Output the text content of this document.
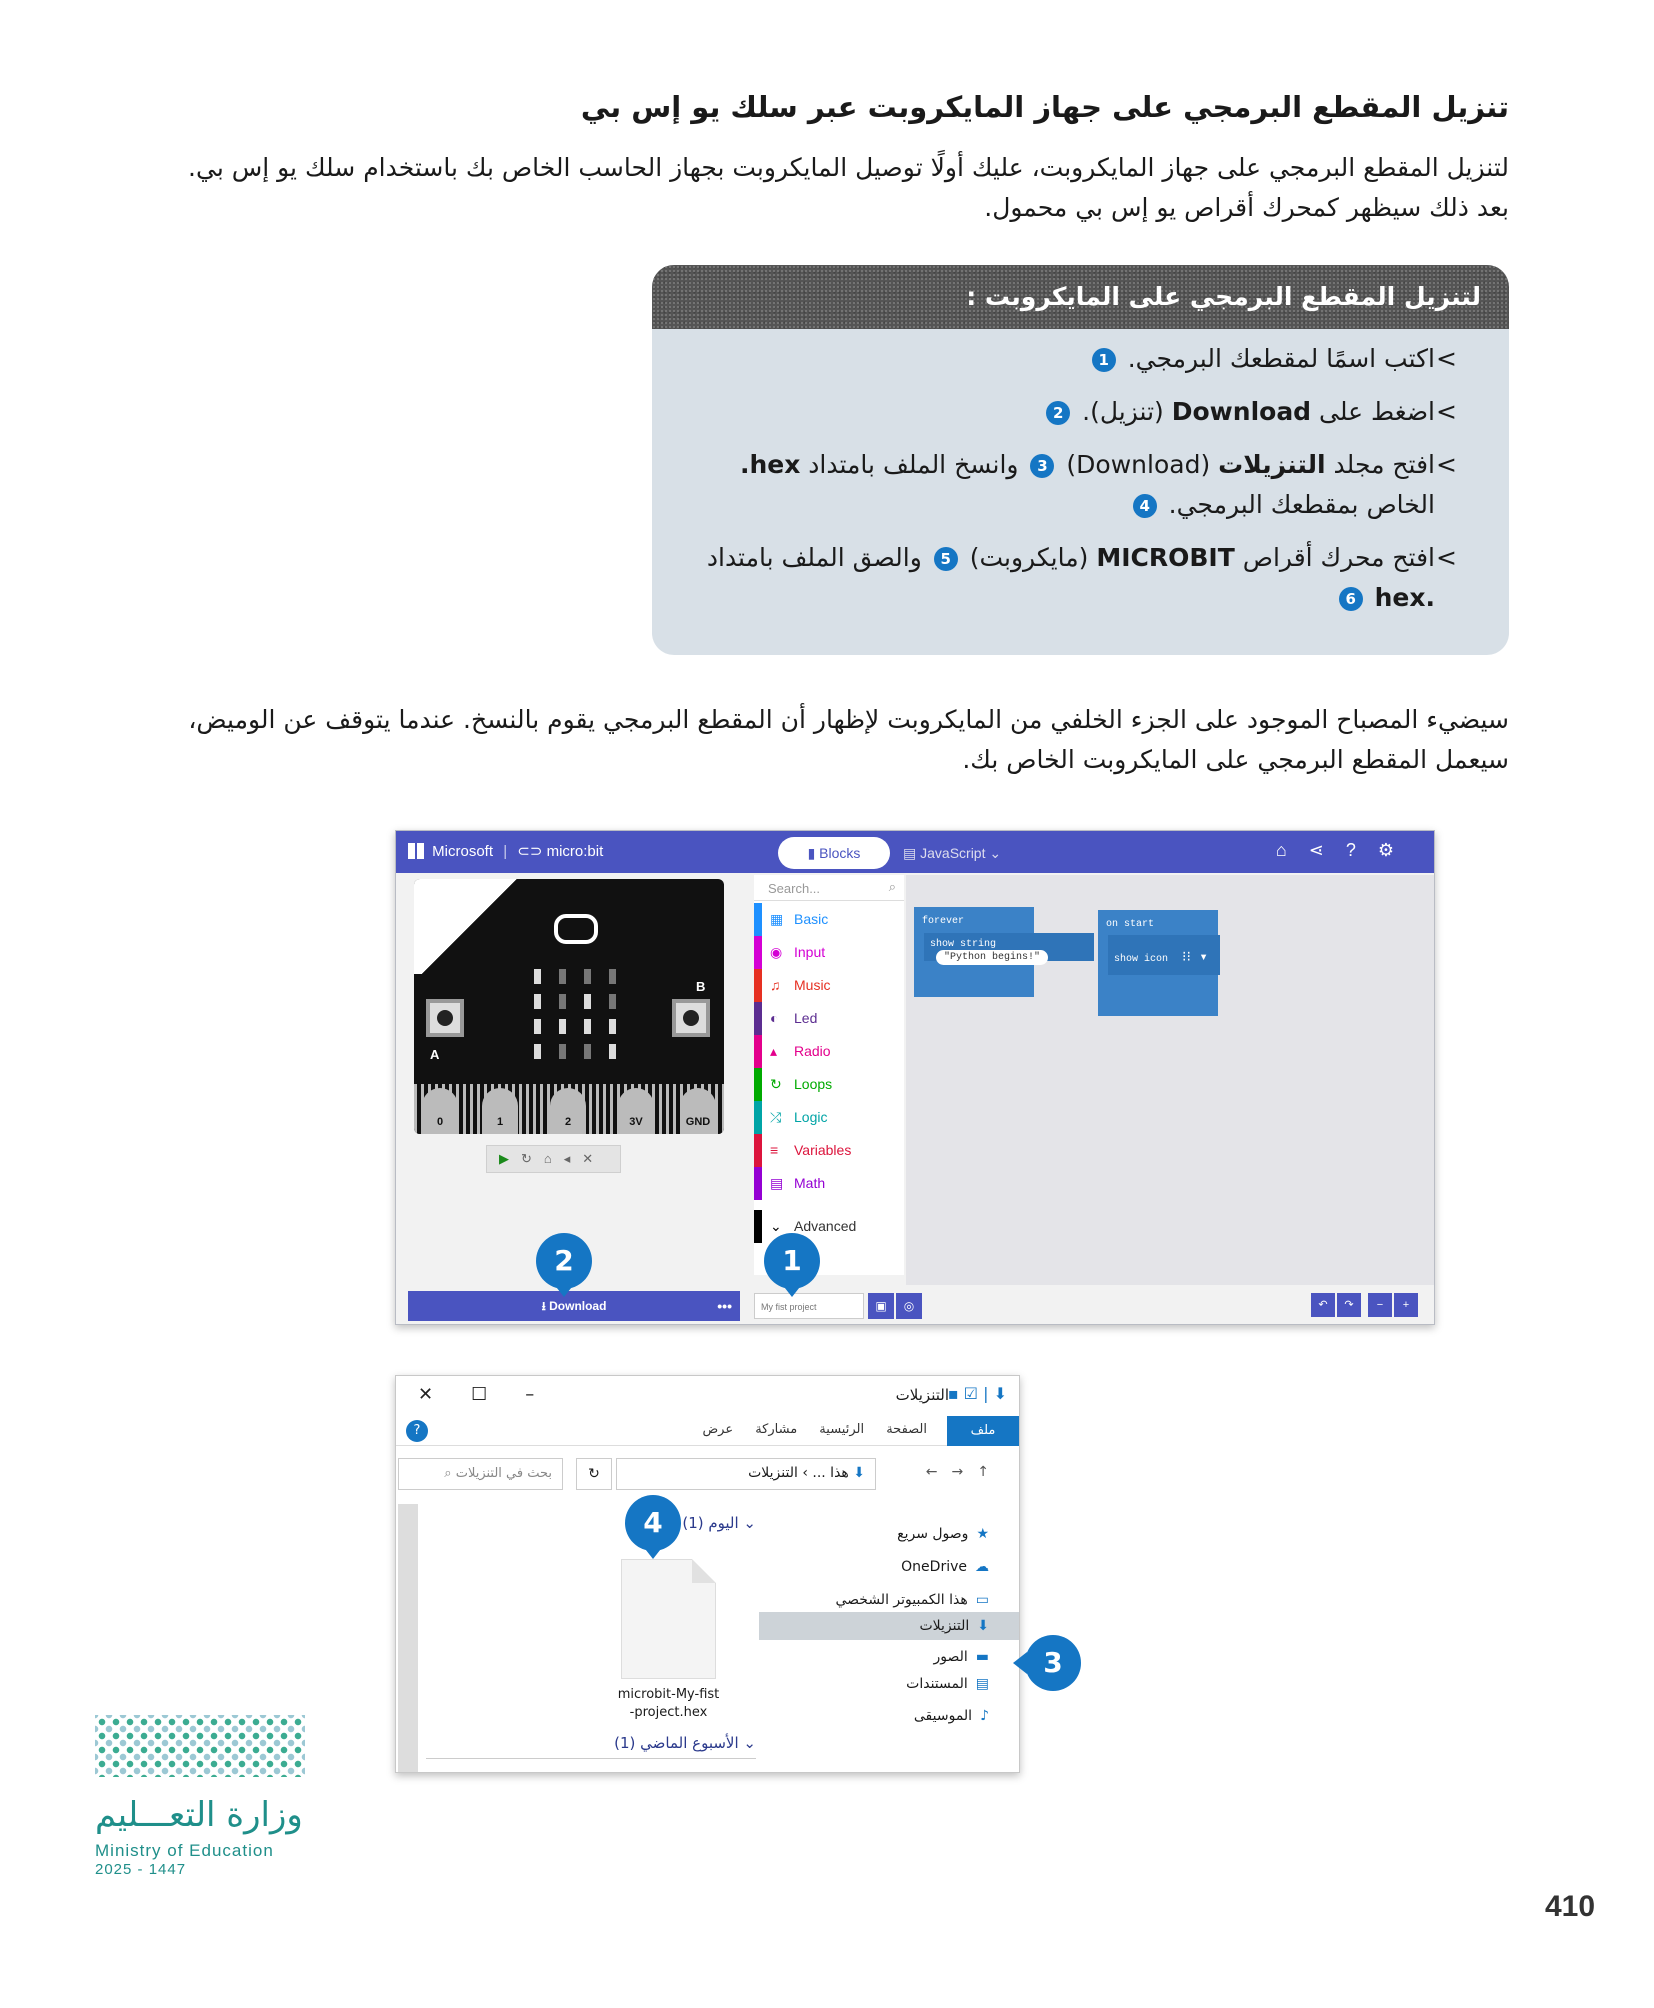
تنزيل المقطع البرمجي على جهاز المايكروبت عبر سلك يو إس بي
لتنزيل المقطع البرمجي على جهاز المايكروبت، عليك أولًا توصيل المايكروبت بجهاز الحاسب الخاص بك باستخدام سلك يو إس بي.
بعد ذلك سيظهر كمحرك أقراص يو إس بي محمول.
لتنزيل المقطع البرمجي على المايكروبت :
> اكتب اسمًا لمقطعك البرمجي. 1
> اضغط على Download (تنزيل). 2
> افتح مجلد التنزيلات (Download) 3 وانسخ الملف بامتداد hex.
الخاص بمقطعك البرمجي. 4
> افتح محرك أقراص MICROBIT (مايكروبت) 5 والصق الملف بامتداد
.hex 6
سيضيء المصباح الموجود على الجزء الخلفي من المايكروبت لإظهار أن المقطع البرمجي يقوم بالنسخ. عندما يتوقف عن الوميض،
سيعمل المقطع البرمجي على المايكروبت الخاص بك.
Microsoft | ⊂⊃ micro:bit	▮ Blocks	▤ JavaScript ⌄	⌂⋖?⚙
A
B
0	1	2	3V	GND
▶↻⌂◂✕
Search...	⌕
▦ Basic
◉ Input
♫ Music
◐ Led
▴ Radio
↻ Loops
⤮ Logic
≡ Variables
▤ Math
⌄ Advanced
forever
show string "Python begins!"
on start
show icon ⁝⁝ ▾
⭳ Download	•••	My fist project	▣	◎	↶	↷	−	+
2	1
✕☐–	التنزيلات
⬇ | ☑ ▪
ملف
الصفحة الرئيسية مشاركة عرض
?
بحث في التنزيلات ⌕	↻	⬇ هذا ... › التنزيلات	←→↑
⌄ اليوم (1)
microbit-My-fist
-project.hex
⌄ الأسبوع الماضي (1)
★وصول سريع
☁OneDrive
▭هذا الكمبيوتر الشخصي
⬇التنزيلات
▬الصور
▤المستندات
♪الموسيقى
4
3
وزارة التعـــليم
Ministry of Education
2025 - 1447
410
